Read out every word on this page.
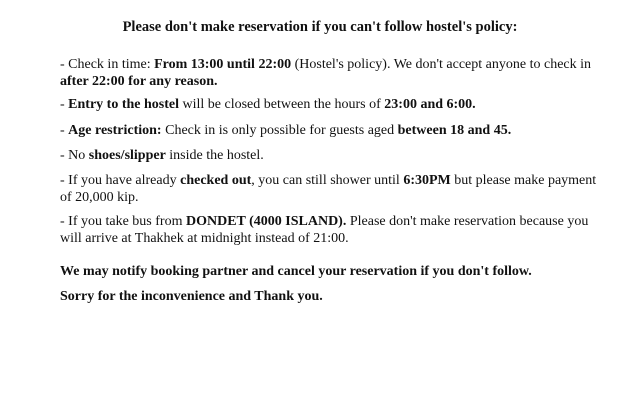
Please don't make reservation if you can't follow hostel's policy:

- Check in time: From 13:00 until 22:00 (Hostel's policy). We don't accept anyone to check in after 22:00 for any reason.

- Entry to the hostel will be closed between the hours of 23:00 and 6:00.

- Age restriction: Check in is only possible for guests aged between 18 and 45.

- No shoes/slipper inside the hostel.

- If you have already checked out, you can still shower until 6:30PM but please make payment of 20,000 kip.

- If you take bus from DONDET (4000 ISLAND). Please don't make reservation because you will arrive at Thakhek at midnight instead of 21:00.

We may notify booking partner and cancel your reservation if you don't follow.

Sorry for the inconvenience and Thank you.
